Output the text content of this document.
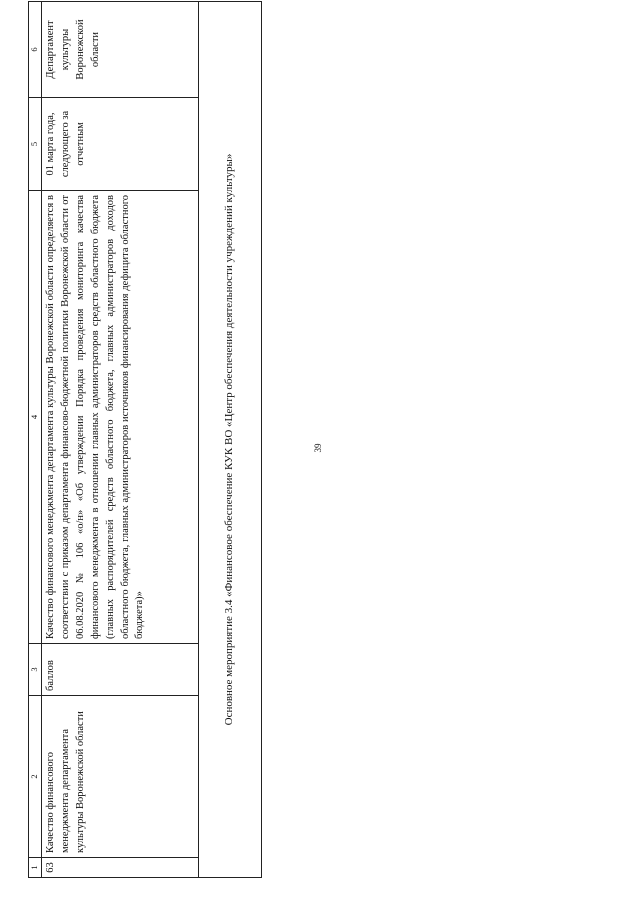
39
1	2	3	4	5	6
63	Качество финансового менеджмента департамента культуры Воронежской области	баллов	Качество финансового менеджмента департамента культуры Воронежской области определяется в соответствии с приказом департамента финансово-бюджетной политики Воронежской области от 06.08.2020 № 106 «о/н» «Об утверждении Порядка проведения мониторинга качества финансового менеджмента в отношении главных администраторов средств областного бюджета (главных распорядителей средств областного бюджета, главных администраторов доходов областного бюджета, главных администраторов источников финансирования дефицита областного бюджета)»	01 марта года, следующего за отчетным	Департамент культуры Воронежской области
Основное мероприятие 3.4 «Финансовое обеспечение КУК ВО «Центр обеспечения деятельности учреждений культуры»					
